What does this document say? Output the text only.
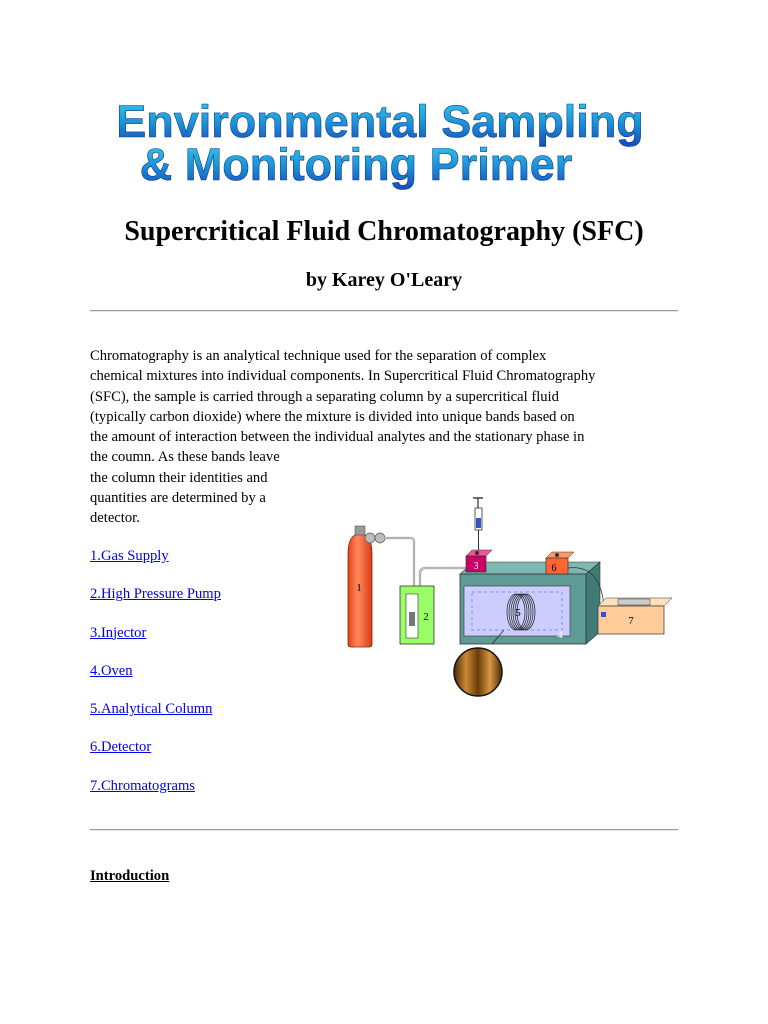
Environmental Sampling
& Monitoring Primer
Supercritical Fluid Chromatography (SFC)
by Karey O'Leary

Chromatography is an analytical technique used for the separation of complex
chemical mixtures into individual components. In Supercritical Fluid Chromatography
(SFC), the sample is carried through a separating column by a supercritical fluid
(typically carbon dioxide) where the mixture is divided into unique bands based on
the amount of interaction between the individual analytes and the stationary phase in
the coumn. As these bands leave
the column their identities and
quantities are determined by a
detector.

1.Gas Supply
2.High Pressure Pump
3.Injector
4.Oven
5.Analytical Column
6.Detector
7.Chromatograms
1
2
4
5
3	6
7

Introduction
